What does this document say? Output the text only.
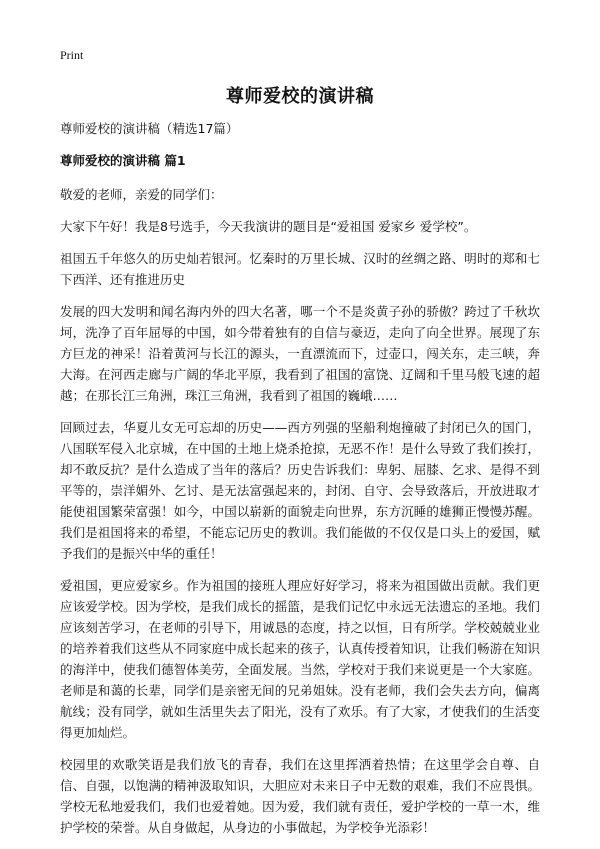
Print
尊师爱校的演讲稿

尊师爱校的演讲稿（精选17篇）

尊师爱校的演讲稿 篇1

敬爱的老师，亲爱的同学们：

大家下午好！我是8号选手，今天我演讲的题目是“爱祖国 爱家乡 爱学校”。

祖国五千年悠久的历史灿若银河。忆秦时的万里长城、汉时的丝绸之路、明时的郑和七下西洋、还有推进历史

发展的四大发明和闻名海内外的四大名著，哪一个不是炎黄子孙的骄傲？跨过了千秋坎坷，洗净了百年屈辱的中国，如今带着独有的自信与豪迈，走向了向全世界。展现了东方巨龙的神采！沿着黄河与长江的源头，一直漂流而下，过壶口，闯关东，走三峡，奔大海。在河西走廊与广阔的华北平原，我看到了祖国的富饶、辽阔和千里马般飞速的超越；在那长江三角洲，珠江三角洲，我看到了祖国的巍峨……

回顾过去，华夏儿女无可忘却的历史——西方列强的坚船利炮撞破了封闭已久的国门，八国联军侵入北京城，在中国的土地上烧杀抢掠，无恶不作！是什么导致了我们挨打，却不敢反抗？是什么造成了当年的落后？历史告诉我们：卑躬、屈膝、乞求、是得不到平等的，崇洋媚外、乞讨、是无法富强起来的，封闭、自守、会导致落后，开放进取才能使祖国繁荣富强！如今，中国以崭新的面貌走向世界，东方沉睡的雄狮正慢慢苏醒。我们是祖国将来的希望，不能忘记历史的教训。我们能做的不仅仅是口头上的爱国，赋予我们的是振兴中华的重任！

爱祖国，更应爱家乡。作为祖国的接班人理应好好学习，将来为祖国做出贡献。我们更应该爱学校。因为学校，是我们成长的摇篮，是我们记忆中永远无法遗忘的圣地。我们应该刻苦学习，在老师的引导下，用诚恳的态度，持之以恒，日有所学。学校兢兢业业的培养着我们这些从不同家庭中成长起来的孩子，认真传授着知识，让我们畅游在知识的海洋中，使我们德智体美劳，全面发展。当然，学校对于我们来说更是一个大家庭。老师是和蔼的长辈，同学们是亲密无间的兄弟姐妹。没有老师，我们会失去方向，偏离航线；没有同学，就如生活里失去了阳光，没有了欢乐。有了大家，才使我们的生活变得更加灿烂。

校园里的欢歌笑语是我们放飞的青春，我们在这里挥洒着热情；在这里学会自尊、自信、自强，以饱满的精神汲取知识，大胆应对未来日子中无数的艰难，我们不应畏惧。学校无私地爱我们，我们也爱着她。因为爱，我们就有责任，爱护学校的一草一木，维护学校的荣誉。从自身做起，从身边的小事做起，为学校争光添彩！
